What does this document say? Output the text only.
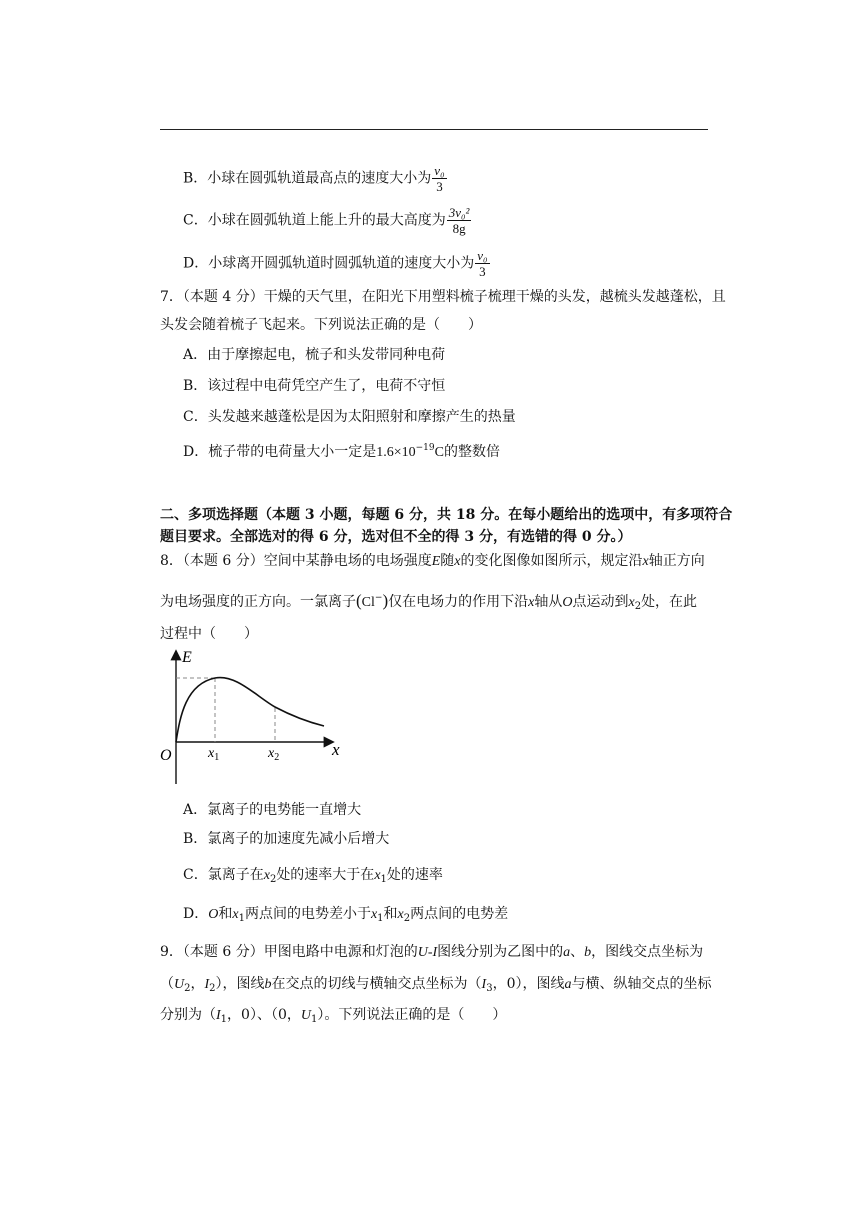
B．小球在圆弧轨道最高点的速度大小为 $\frac{\text{v₀}}{3}$
C．小球在圆弧轨道上能上升的最大高度为 $\frac{\text{3v₀²}}{8g}$
D．小球离开圆弧轨道时圆弧轨道的速度大小为 $\frac{\text{v₀}}{3}$
7．（本题 4 分）干燥的天气里，在阳光下用塑料梳子梳理干燥的头发，越梳头发越蓬松，且
头发会随着梳子飞起来。下列说法正确的是（　　）
A．由于摩擦起电，梳子和头发带同种电荷
B．该过程中电荷凭空产生了，电荷不守恒
C．头发越来越蓬松是因为太阳照射和摩擦产生的热量
D．梳子带的电荷量大小一定是$1.6\times 10^{-19}C$的整数倍
二、多项选择题（本题 3 小题，每题 6 分，共 18 分。在每小题给出的选项中，有多项符合
题目要求。全部选对的得 6 分，选对但不全的得 3 分，有选错的得 0 分。）
8．（本题 6 分）空间中某静电场的电场强度E随x的变化图像如图所示，规定沿x轴正方向
为电场强度的正方向。一氯离子(Cl−)仅在电场力的作用下沿x轴从O点运动到$x_2$处，在此
过程中（　　）
E
x
O	$x_1$	$x_2$
A．氯离子的电势能一直增大
B．氯离子的加速度先减小后增大
C．氯离子在$x_2$处的速率大于在$x_1$处的速率
D．O和$x_1$两点间的电势差小于$x_1$和$x_2$两点间的电势差
9．（本题 6 分）甲图电路中电源和灯泡的U-I图线分别为乙图中的a、b，图线交点坐标为
（$U_2$，$I_2$），图线b在交点的切线与横轴交点坐标为（$I_3$，0），图线a与横、纵轴交点的坐标
分别为（$I_1$，0）、（0，$U_1$）。下列说法正确的是（　　）
